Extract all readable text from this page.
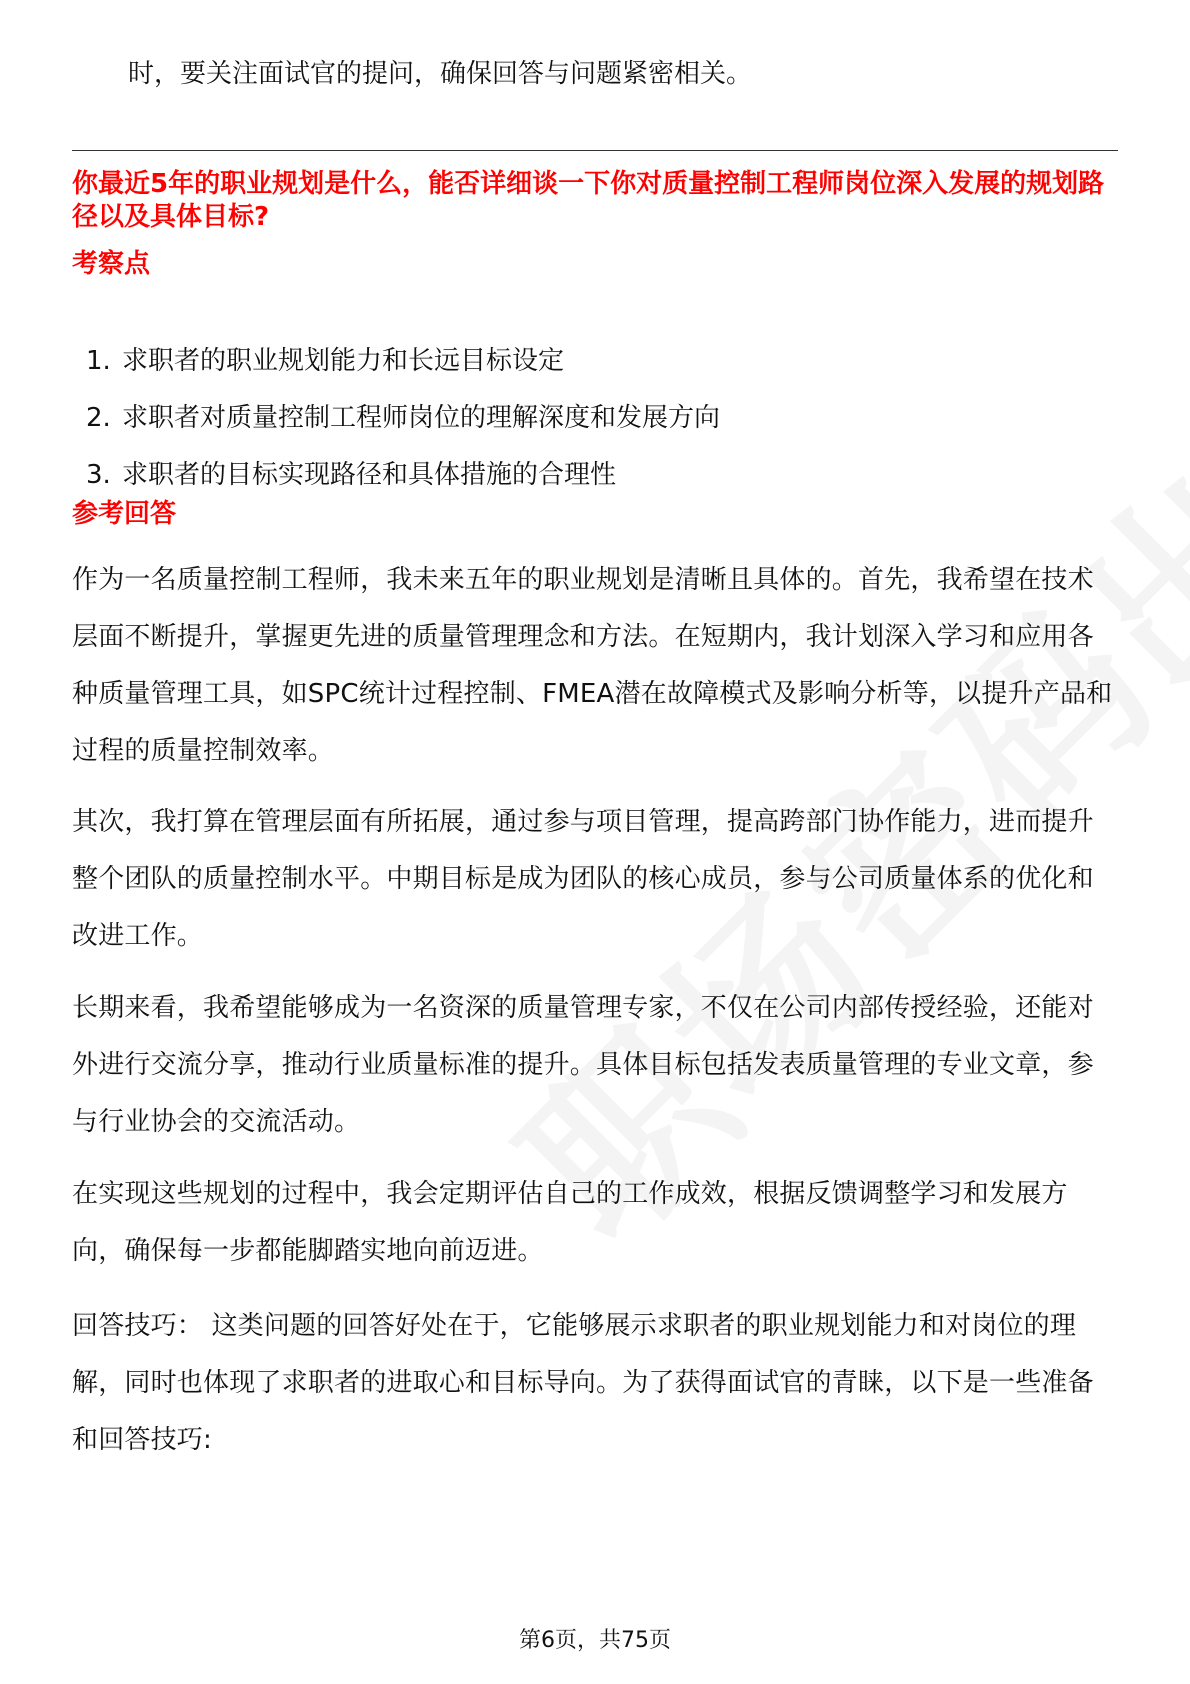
时，要关注面试官的提问，确保回答与问题紧密相关。

你最近5年的职业规划是什么，能否详细谈一下你对质量控制工程师岗位深入发展的规划路径以及具体目标?

考察点

1. 求职者的职业规划能力和长远目标设定
2. 求职者对质量控制工程师岗位的理解深度和发展方向
3. 求职者的目标实现路径和具体措施的合理性

参考回答

作为一名质量控制工程师，我未来五年的职业规划是清晰且具体的。首先，我希望在技术层面不断提升，掌握更先进的质量管理理念和方法。在短期内，我计划深入学习和应用各种质量管理工具，如SPC统计过程控制、FMEA潜在故障模式及影响分析等，以提升产品和过程的质量控制效率。

其次，我打算在管理层面有所拓展，通过参与项目管理，提高跨部门协作能力，进而提升整个团队的质量控制水平。中期目标是成为团队的核心成员，参与公司质量体系的优化和改进工作。

长期来看，我希望能够成为一名资深的质量管理专家，不仅在公司内部传授经验，还能对外进行交流分享，推动行业质量标准的提升。具体目标包括发表质量管理的专业文章，参与行业协会的交流活动。

在实现这些规划的过程中，我会定期评估自己的工作成效，根据反馈调整学习和发展方向，确保每一步都能脚踏实地向前迈进。

回答技巧： 这类问题的回答好处在于，它能够展示求职者的职业规划能力和对岗位的理解，同时也体现了求职者的进取心和目标导向。为了获得面试官的青睐，以下是一些准备和回答技巧:

第6页，共75页
